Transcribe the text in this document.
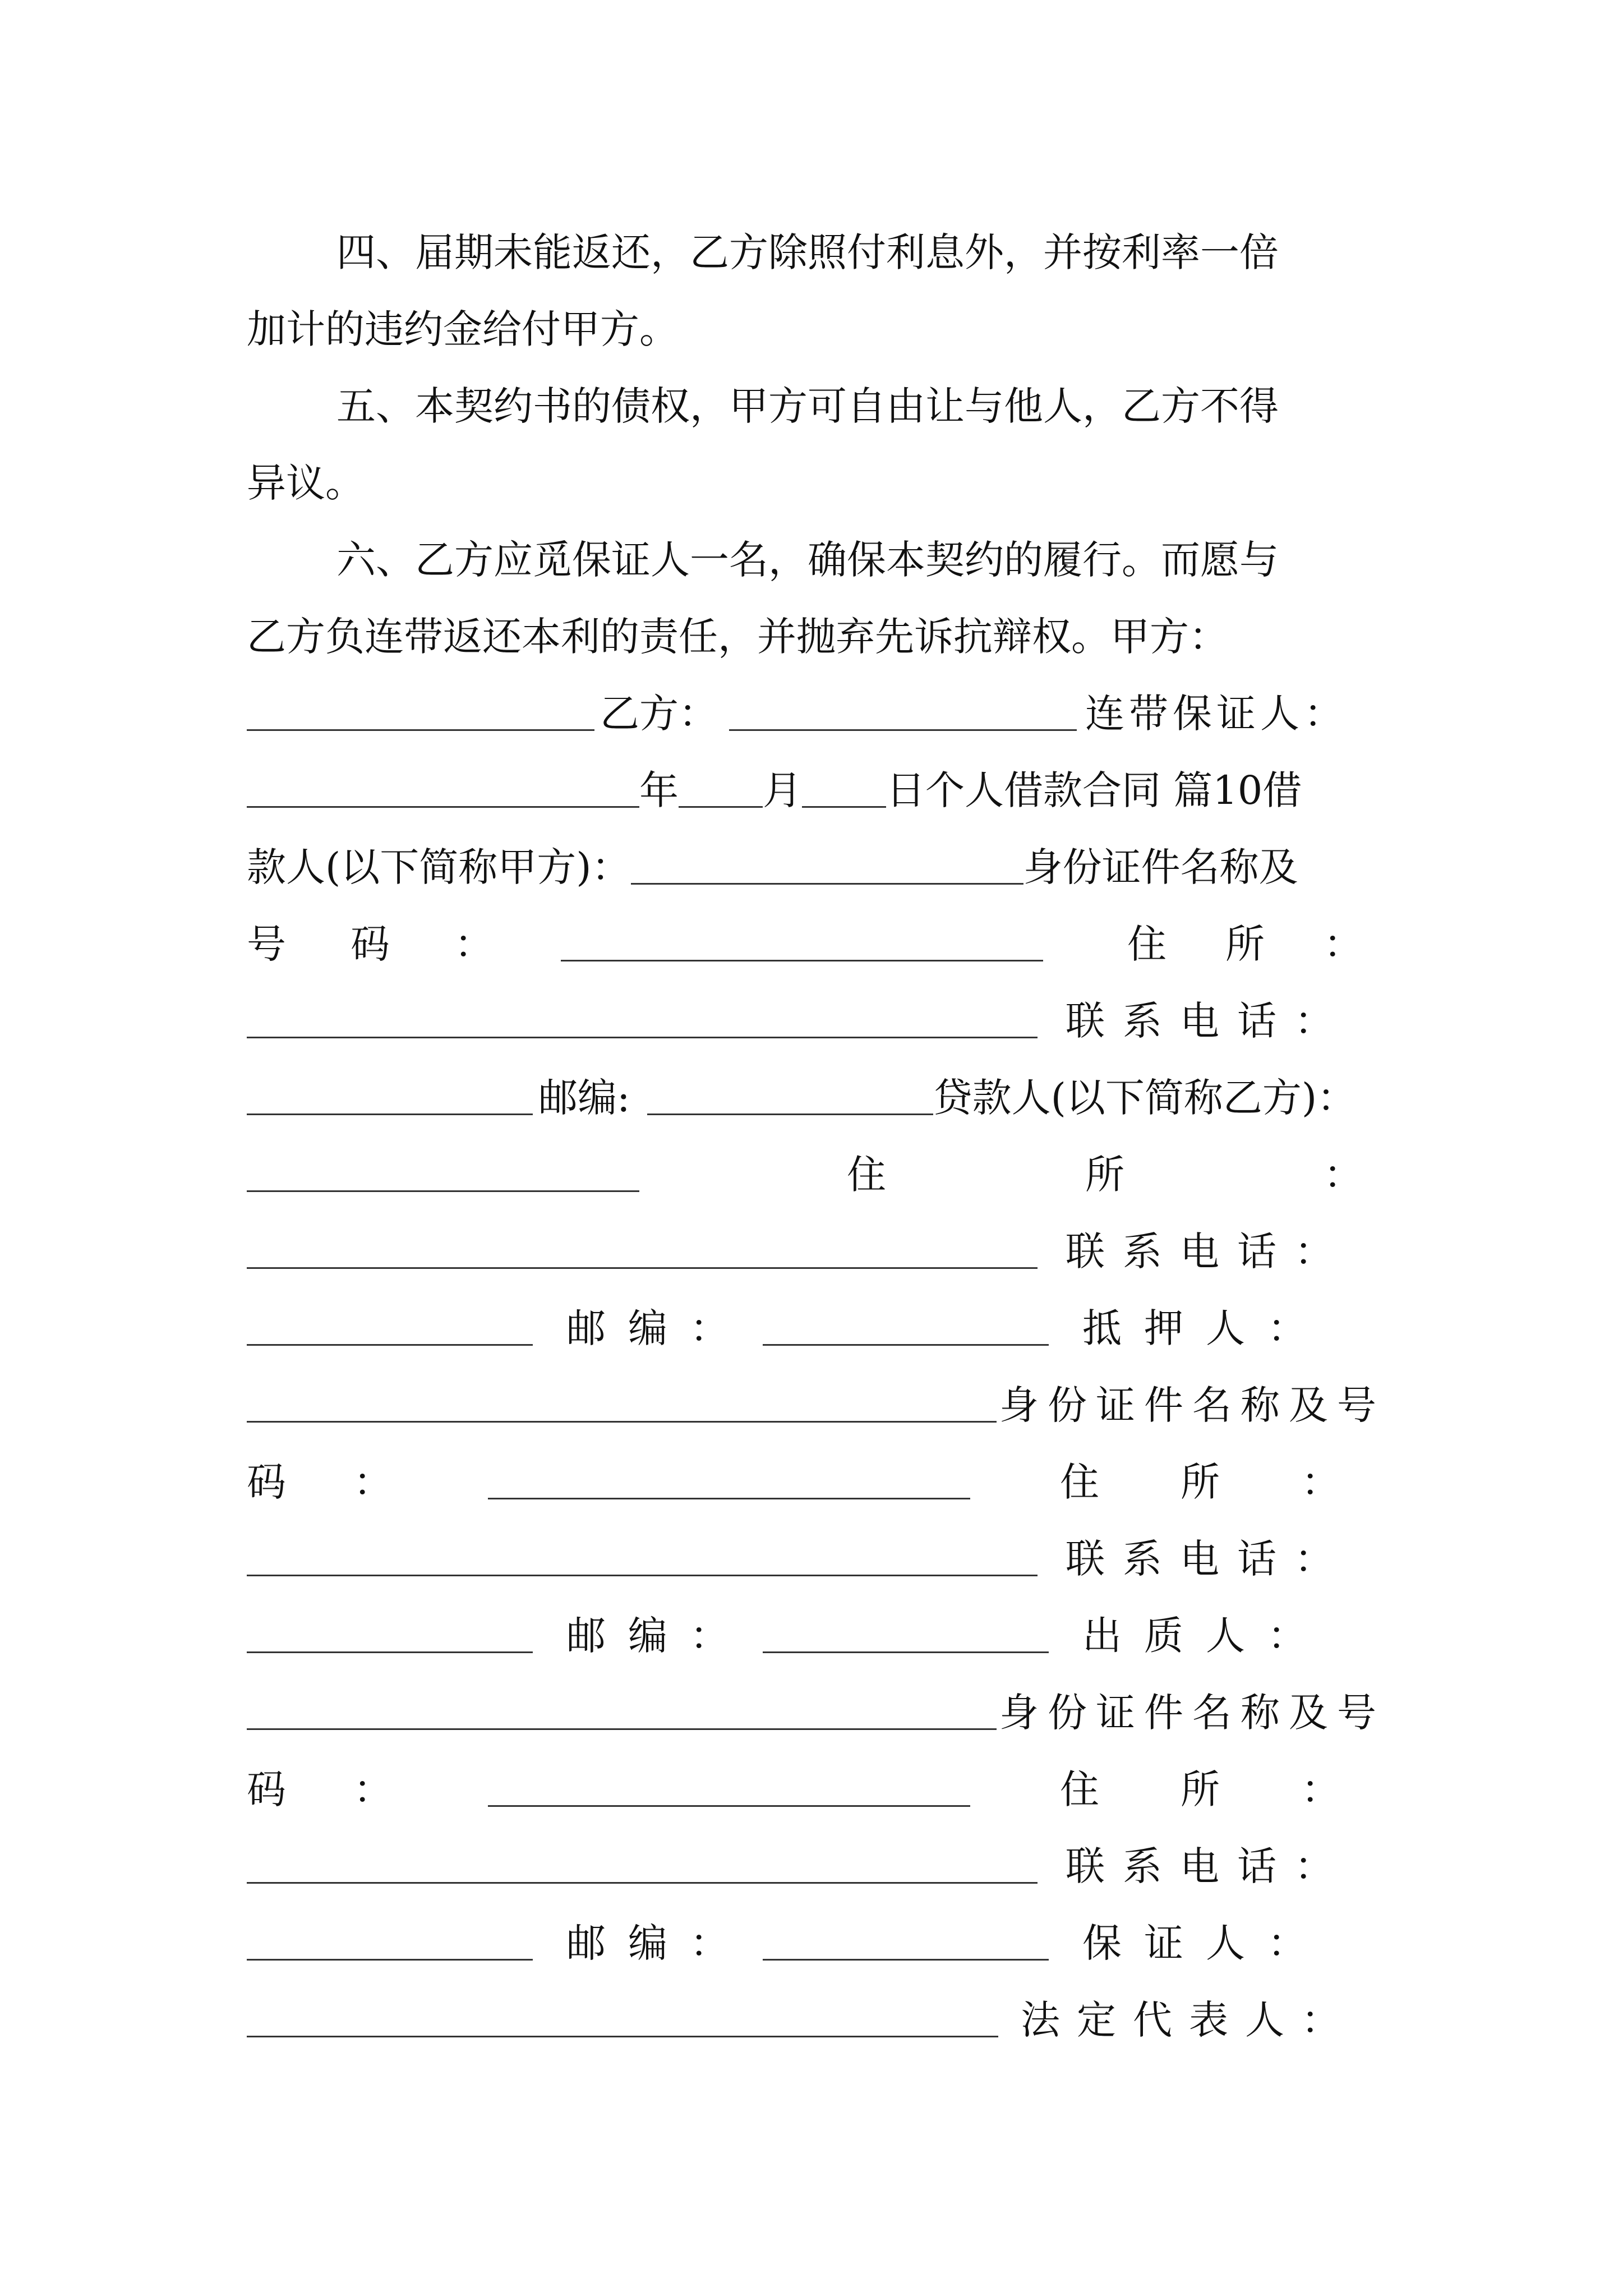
四、届期未能返还，乙方除照付利息外，并按利率一倍
加计的违约金给付甲方。
五、本契约书的债权，甲方可自由让与他人，乙方不得
异议。
六、乙方应觅保证人一名，确保本契约的履行。而愿与
乙方负连带返还本利的责任，并抛弃先诉抗辩权。甲方：
乙方：	连带保证人：
年 月 日个人借款合同 篇10借
款人(以下简称甲方)：	身份证件名称及
号 码 ：	住 所 ：
联系电话：
邮编:	贷款人(以下简称乙方)：
住	所	：
联系电话：
邮编：	抵押人：
身份证件名称及号
码 ：	住 所 ：
联系电话：
邮编：	出质人：
身份证件名称及号
码 ：	住 所 ：
联系电话：
邮编：	保证人：
法定代表人：
